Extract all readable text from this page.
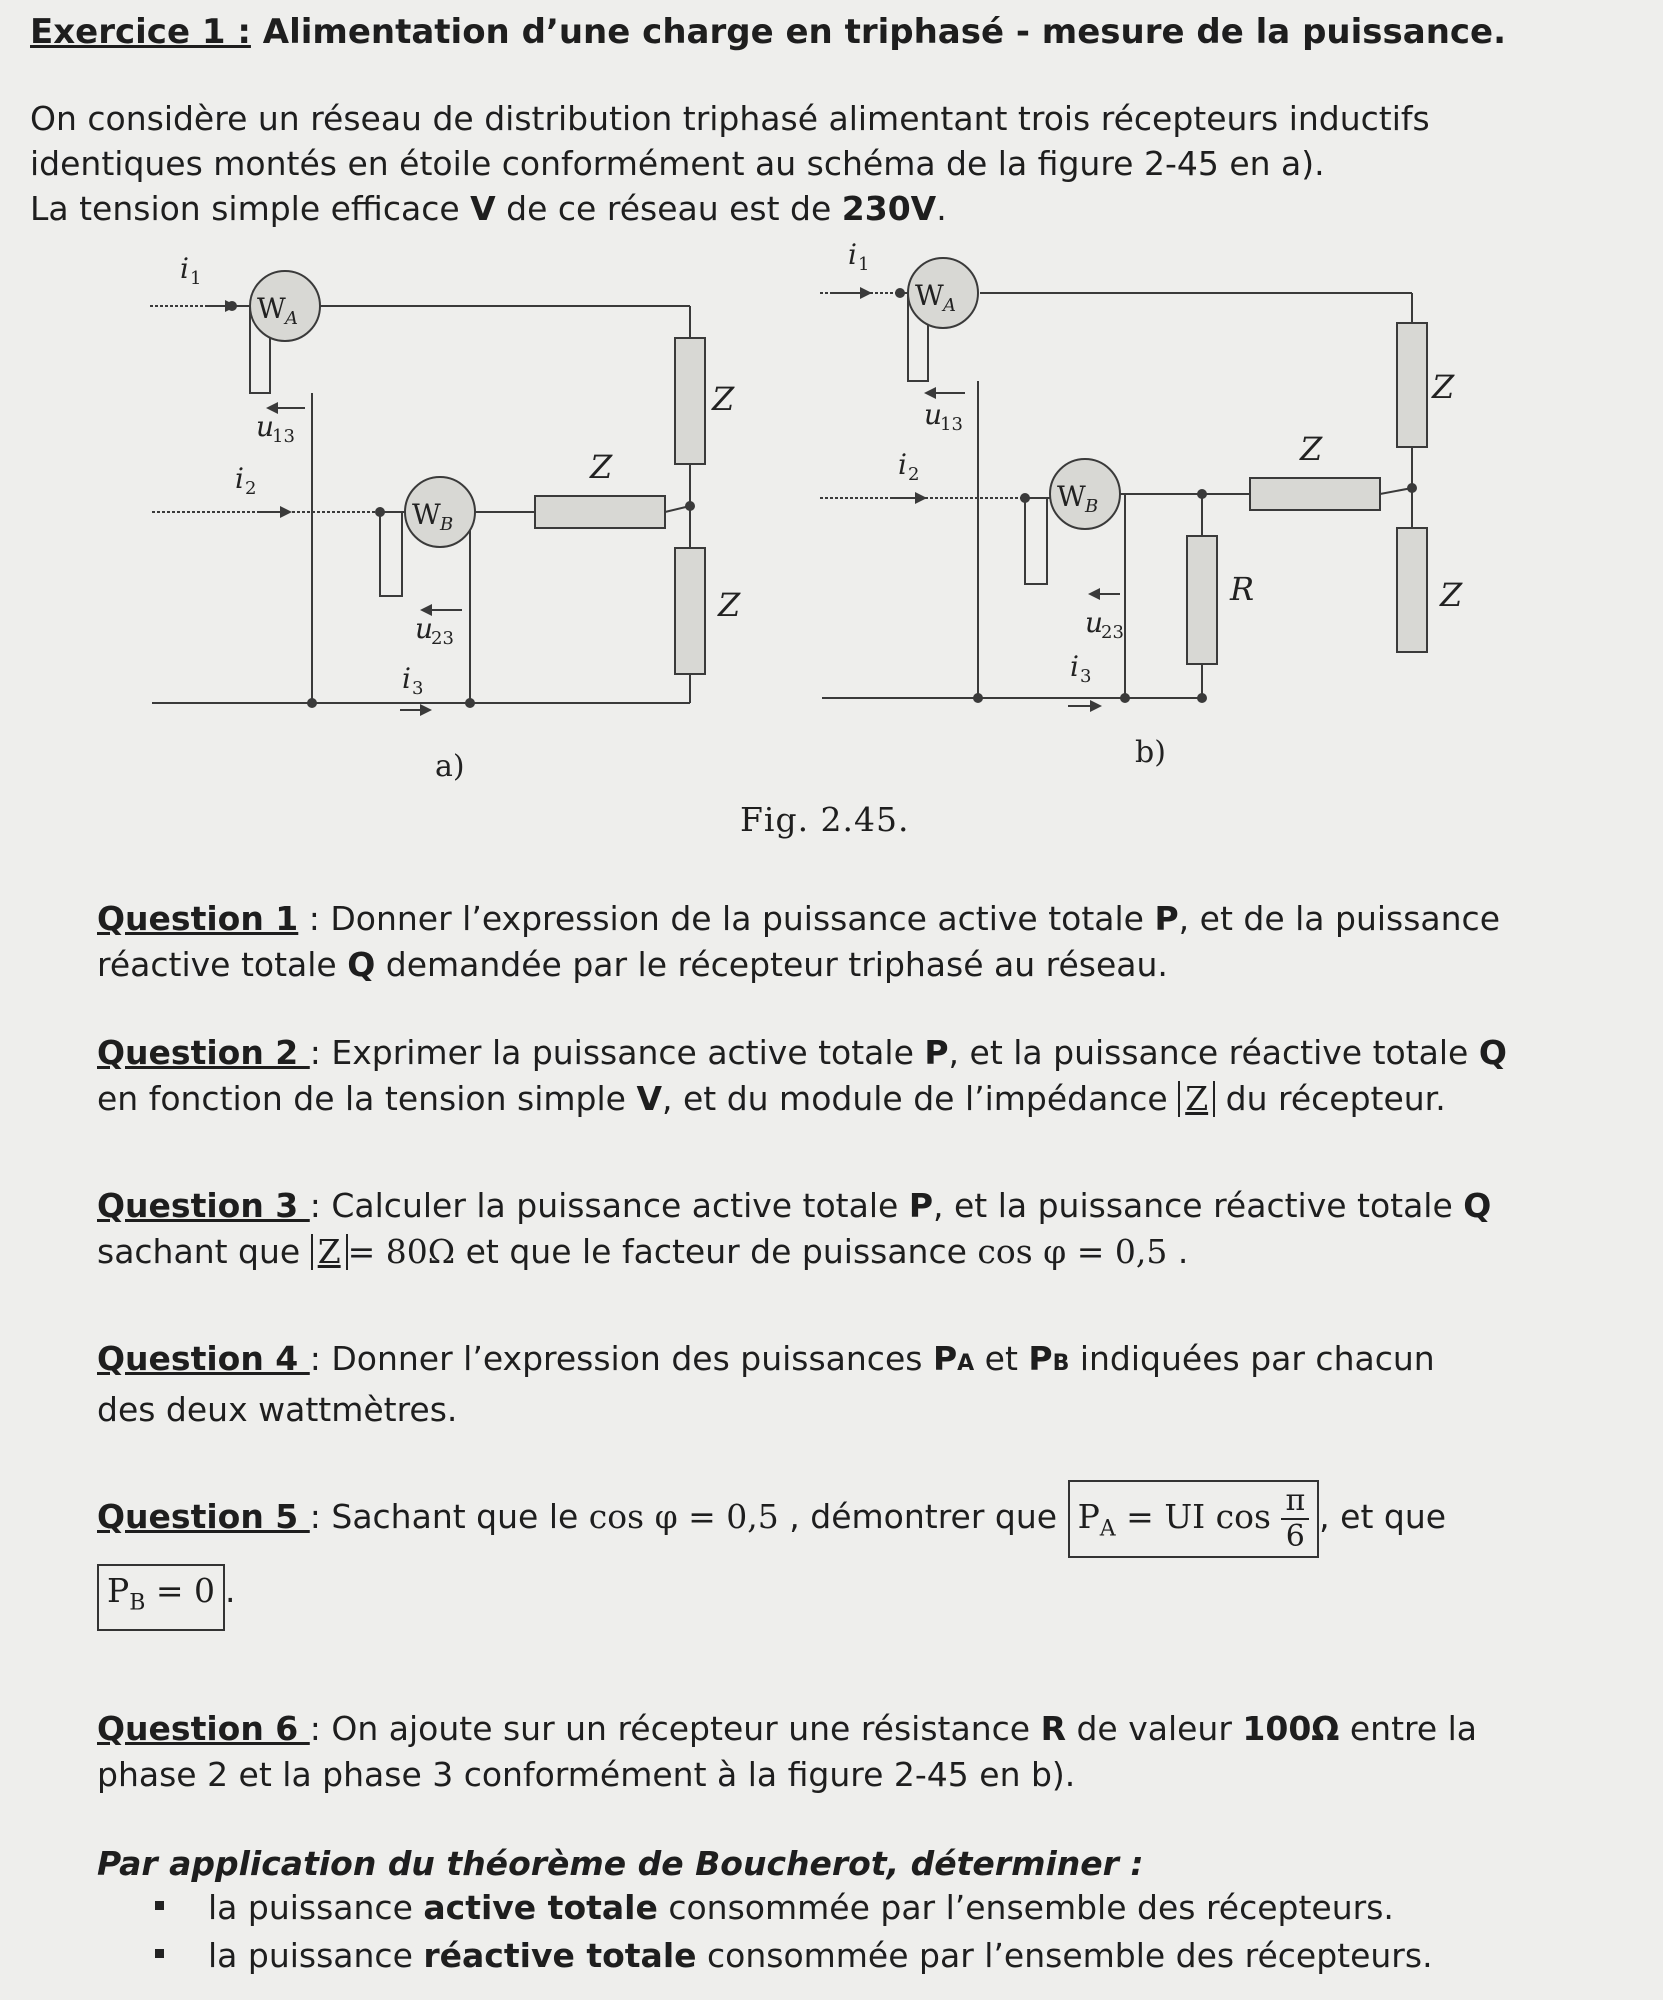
Exercice 1 : Alimentation d’une charge en triphasé - mesure de la puissance.

On considère un réseau de distribution triphasé alimentant trois récepteurs inductifs

identiques montés en étoile conformément au schéma de la figure 2-45 en a).

La tension simple efficace V de ce réseau est de 230V.

i 1
W A
u
13
i 2
W B
u
23
i 3
Z
Z
Z
a)
i 1
W A
u
13
i 2
W B
u
23
i 3
Z
Z
Z
R
b)
Fig. 2.45.

Question 1 : Donner l’expression de la puissance active totale P, et de la puissance

réactive totale Q demandée par le récepteur triphasé au réseau.

Question 2 : Exprimer la puissance active totale P, et la puissance réactive totale Q

en fonction de la tension simple V, et du module de l’impédance Z du récepteur.

Question 3 : Calculer la puissance active totale P, et la puissance réactive totale Q

sachant que Z = 80Ω et que le facteur de puissance cos φ = 0,5 .

Question 4 : Donner l’expression des puissances PA et PB indiquées par chacun

des deux wattmètres.

Question 5 : Sachant que le cos φ = 0,5 , démontrer que $P_A$ = UI $\cos \frac{\pi}{6}$ , et que

$P_B = 0$ .

Question 6 : On ajoute sur un récepteur une résistance R de valeur 100Ω entre la

phase 2 et la phase 3 conformément à la figure 2-45 en b).

Par application du théorème de Boucherot, déterminer :
la puissance active totale consommée par l’ensemble des récepteurs.
la puissance réactive totale consommée par l’ensemble des récepteurs.
